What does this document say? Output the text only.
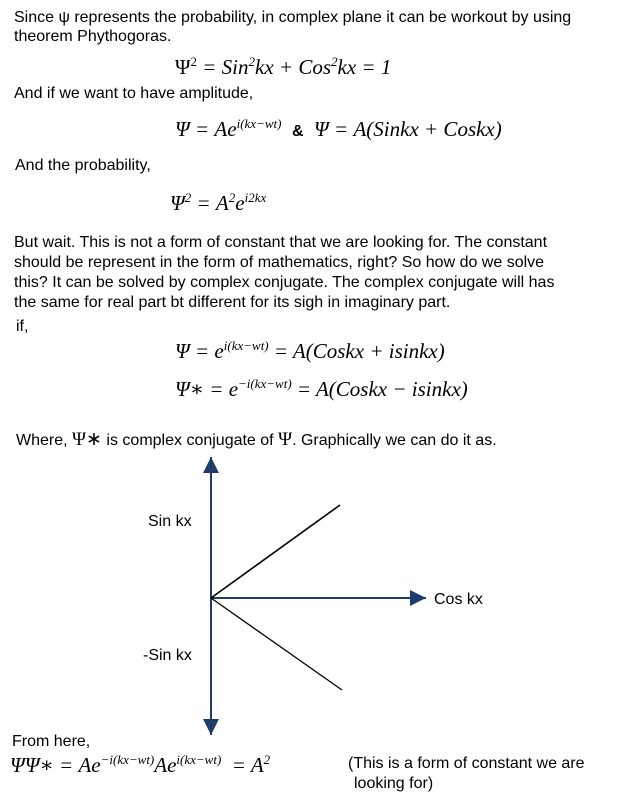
Since ψ represents the probability, in complex plane it can be workout by using
theorem Phythogoras.
$\Psi^2 = Sin^2kx + Cos^2kx = 1$
And if we want to have amplitude,
$\Psi = Ae^{i(kx-wt)}$ & Ψ = A(Sinkx + Coskx)
And the probability,
$\Psi^2 = A^2e^{i2kx}$
But wait. This is not a form of constant that we are looking for. The constant
should be represent in the form of mathematics, right? So how do we solve
this? It can be solved by complex conjugate. The complex conjugate will has
the same for real part bt different for its sigh in imaginary part.
if,
$\Psi = e^{i(kx-wt)}$ = A(Coskx + isinkx)
Ψ∗ = $e^{-i(kx-wt)}$ = A(Coskx − isinkx)
Where, Ψ∗ is complex conjugate of Ψ. Graphically we can do it as.
Sin kx
Cos kx
-Sin kx
From here,
ΨΨ∗ = $Ae^{-i(kx-wt)}Ae^{i(kx-wt)} = A^2$	(This is a form of constant we are
looking for)
